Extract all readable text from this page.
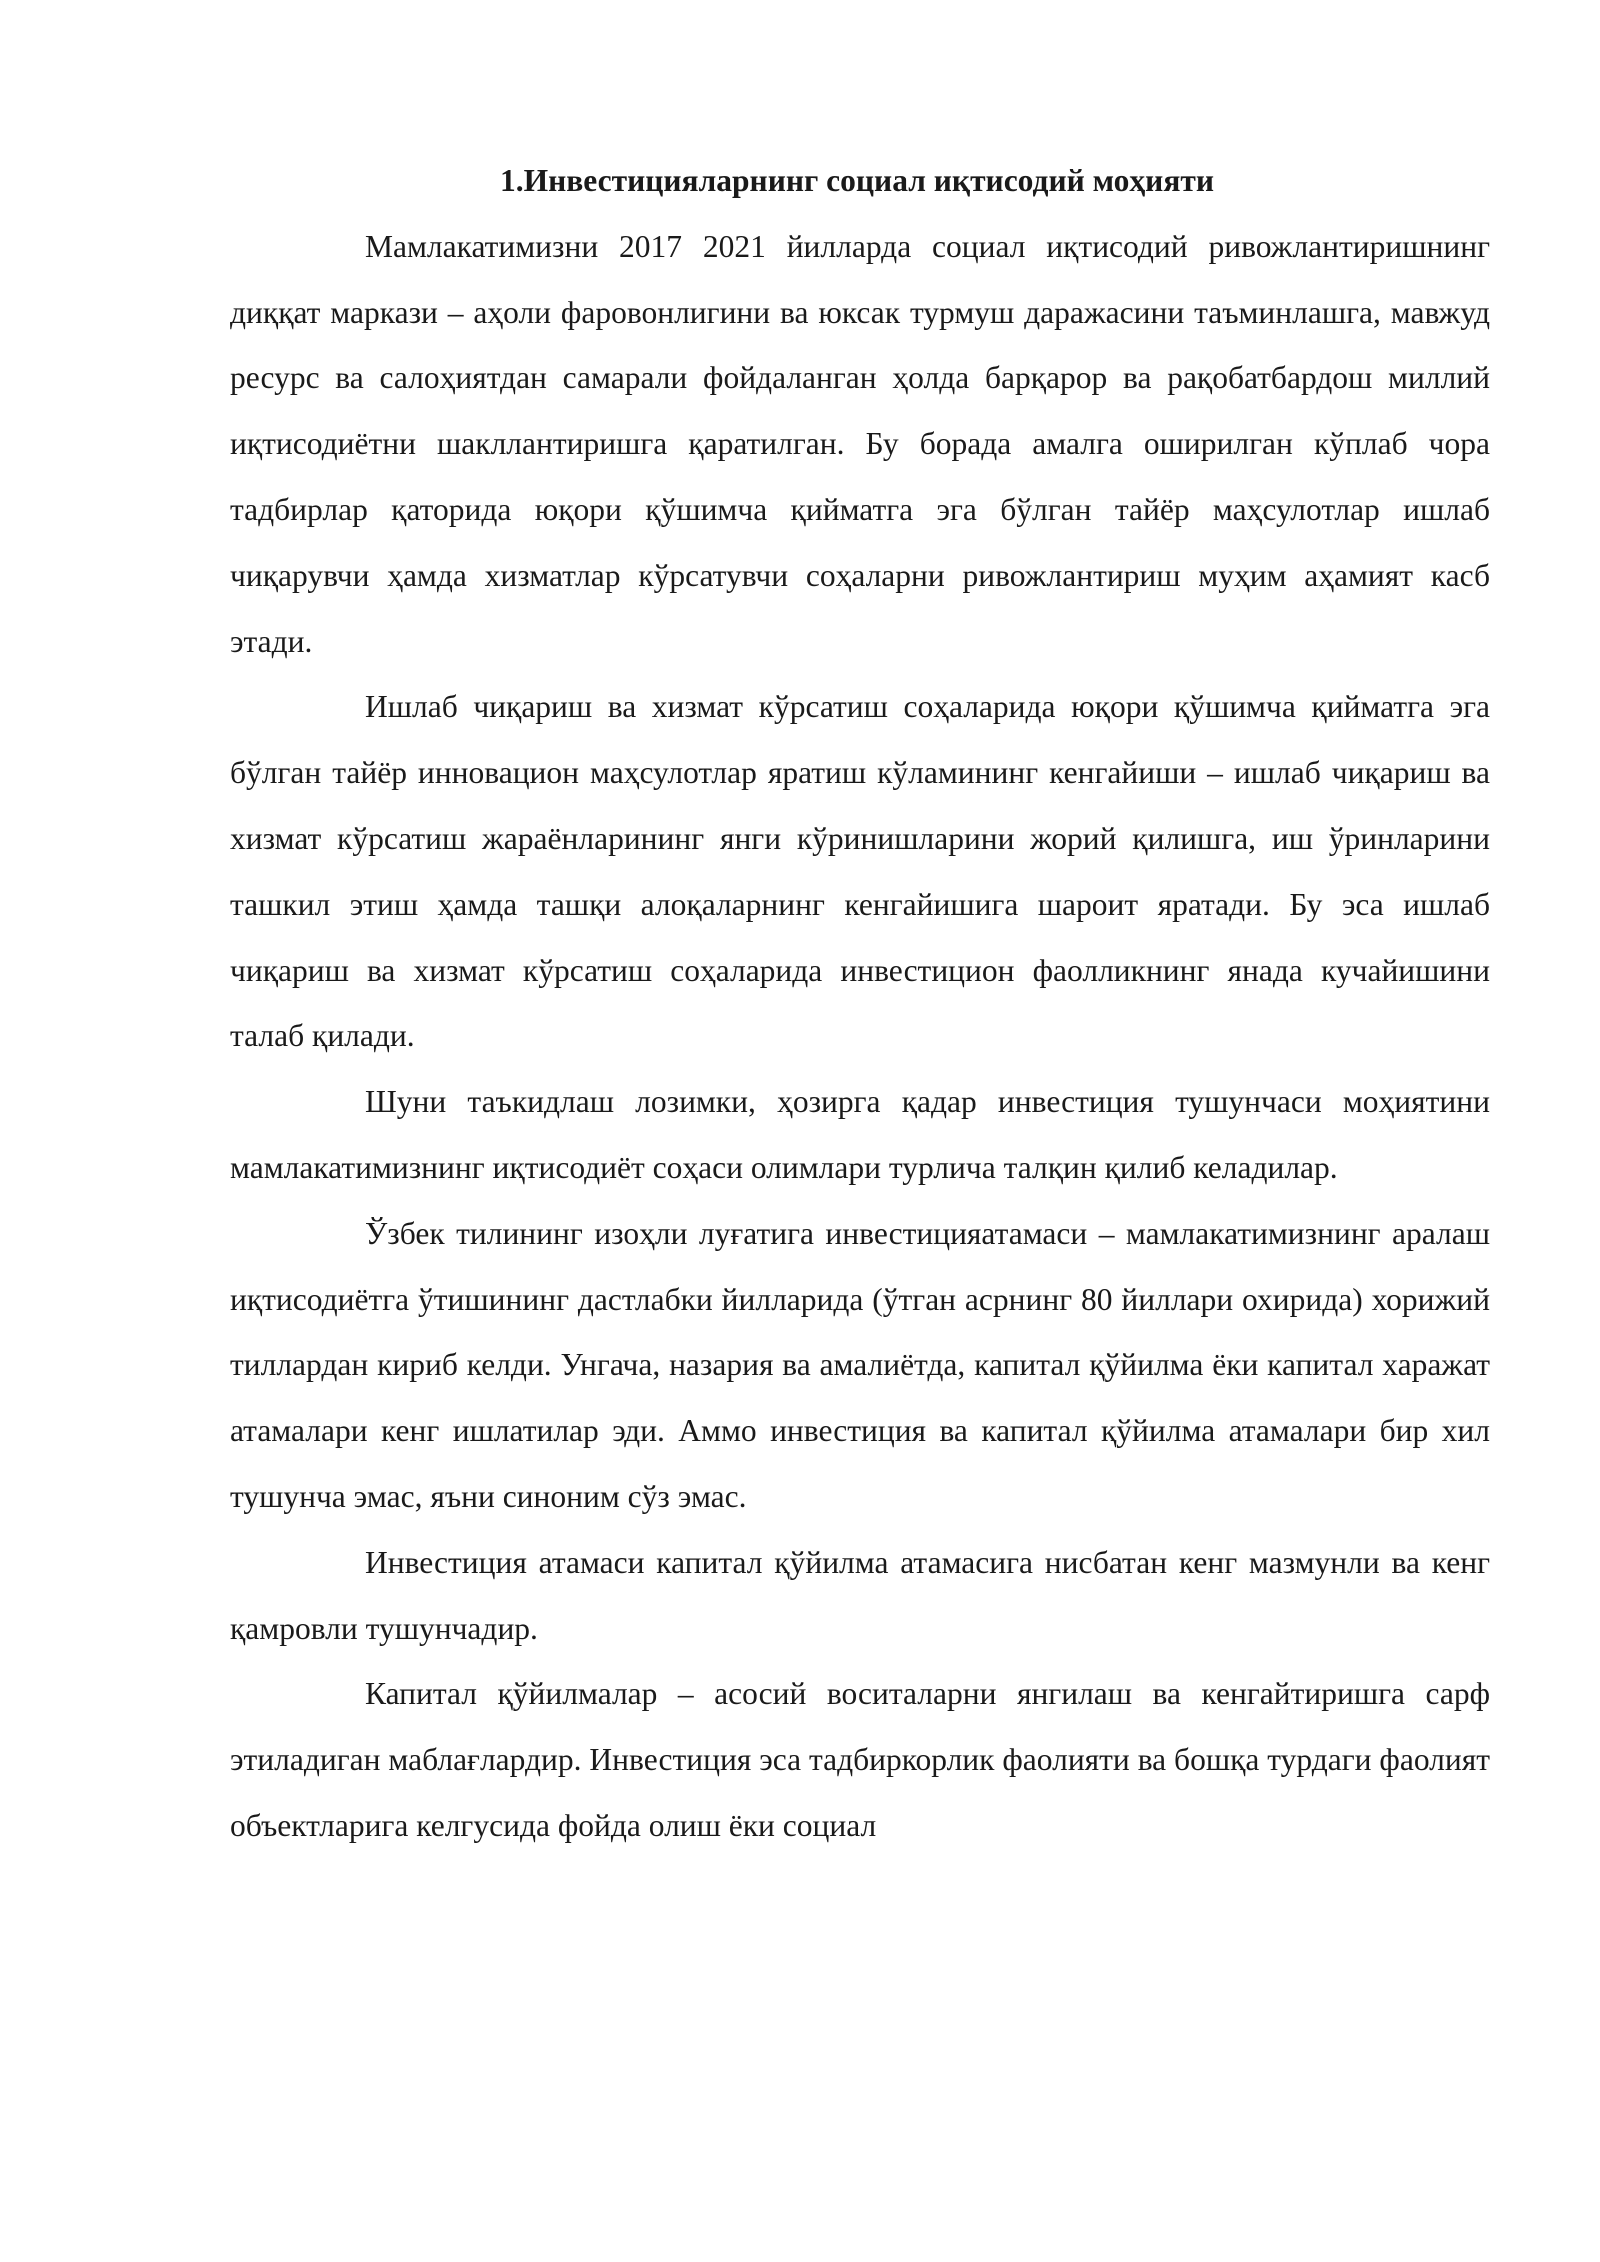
1.Инвестицияларнинг социал иқтисодий моҳияти

Мамлакатимизни 2017 2021 йилларда социал иқтисодий ривожлантиришнинг диққат маркази – аҳоли фаровонлигини ва юксак турмуш даражасини таъминлашга, мавжуд ресурс ва салоҳиятдан самарали фойдаланган ҳолда барқарор ва рақобатбардош миллий иқтисодиётни шакллантиришга қаратилган. Бу борада амалга оширилган кўплаб чора тадбирлар қаторида юқори қўшимча қийматга эга бўлган тайёр маҳсулотлар ишлаб чиқарувчи ҳамда хизматлар кўрсатувчи соҳаларни ривожлантириш муҳим аҳамият касб этади.

Ишлаб чиқариш ва хизмат кўрсатиш соҳаларида юқори қўшимча қийматга эга бўлган тайёр инновацион маҳсулотлар яратиш кўламининг кенгайиши – ишлаб чиқариш ва хизмат кўрсатиш жараёнларининг янги кўринишларини жорий қилишга, иш ўринларини ташкил этиш ҳамда ташқи алоқаларнинг кенгайишига шароит яратади. Бу эса ишлаб чиқариш ва хизмат кўрсатиш соҳаларида инвестицион фаолликнинг янада кучайишини талаб қилади.

Шуни таъкидлаш лозимки, ҳозирга қадар инвестиция тушунчаси моҳиятини мамлакатимизнинг иқтисодиёт соҳаси олимлари турлича талқин қилиб келадилар.

Ўзбек тилининг изоҳли луғатига инвестицияатамаси – мамлакатимизнинг аралаш иқтисодиётга ўтишининг дастлабки йилларида (ўтган асрнинг 80 йиллари охирида) хорижий тиллардан кириб келди. Унгача, назария ва амалиётда, капитал қўйилма ёки капитал харажат атамалари кенг ишлатилар эди. Аммо инвестиция ва капитал қўйилма атамалари бир хил тушунча эмас, яъни синоним сўз эмас.

Инвестиция атамаси капитал қўйилма атамасига нисбатан кенг мазмунли ва кенг қамровли тушунчадир.

Капитал қўйилмалар – асосий воситаларни янгилаш ва кенгайтиришга сарф этиладиган маблағлардир. Инвестиция эса тадбиркорлик фаолияти ва бошқа турдаги фаолият объектларига келгусида фойда олиш ёки социал
